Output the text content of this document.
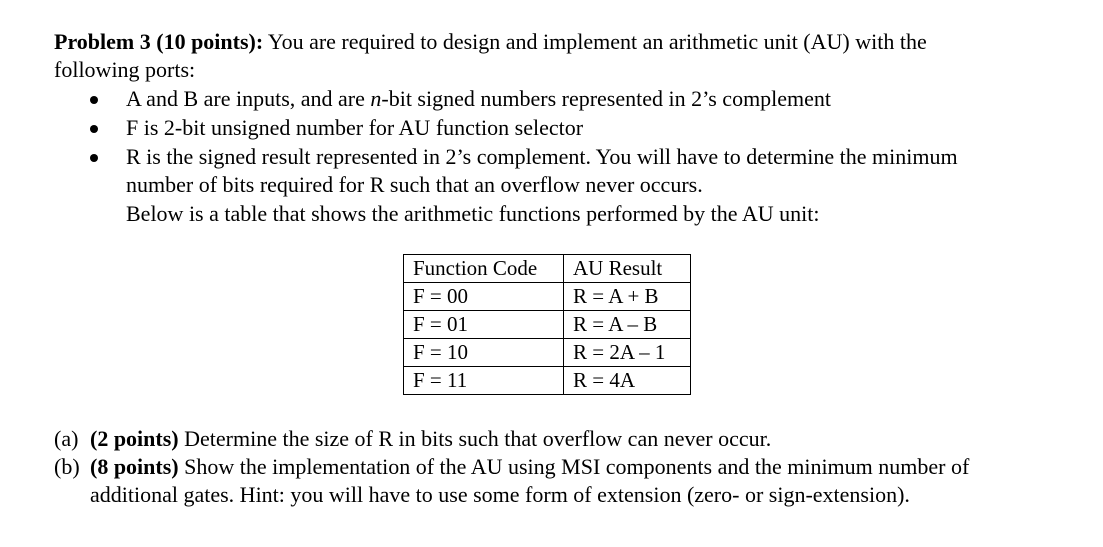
Problem 3 (10 points): You are required to design and implement an arithmetic unit (AU) with the
following ports:
A and B are inputs, and are n-bit signed numbers represented in 2’s complement
F is 2-bit unsigned number for AU function selector
R is the signed result represented in 2’s complement. You will have to determine the minimum
number of bits required for R such that an overflow never occurs.
Below is a table that shows the arithmetic functions performed by the AU unit:
Function Code	AU Result
F = 00	R = A + B
F = 01	R = A – B
F = 10	R = 2A – 1
F = 11	R = 4A
(a) (2 points) Determine the size of R in bits such that overflow can never occur.
(b) (8 points) Show the implementation of the AU using MSI components and the minimum number of
additional gates. Hint: you will have to use some form of extension (zero- or sign-extension).
